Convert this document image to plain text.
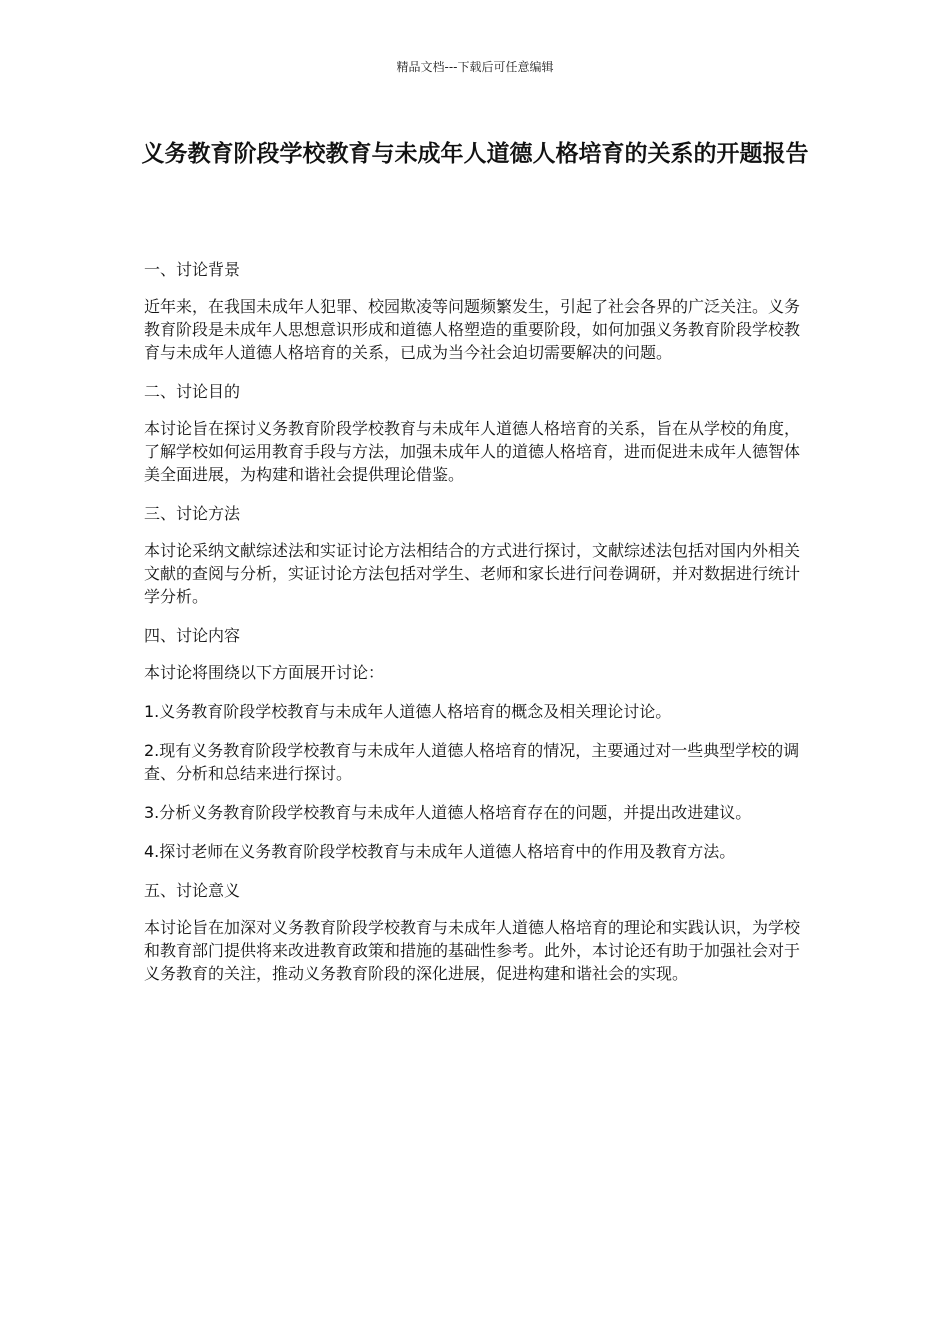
精品文档---下载后可任意编辑
义务教育阶段学校教育与未成年人道德人格培育的关系的开题报告

一、讨论背景

近年来，在我国未成年人犯罪、校园欺凌等问题频繁发生，引起了社会各界的广泛关注。义务教育阶段是未成年人思想意识形成和道德人格塑造的重要阶段，如何加强义务教育阶段学校教育与未成年人道德人格培育的关系，已成为当今社会迫切需要解决的问题。

二、讨论目的

本讨论旨在探讨义务教育阶段学校教育与未成年人道德人格培育的关系，旨在从学校的角度，了解学校如何运用教育手段与方法，加强未成年人的道德人格培育，进而促进未成年人德智体美全面进展，为构建和谐社会提供理论借鉴。

三、讨论方法

本讨论采纳文献综述法和实证讨论方法相结合的方式进行探讨，文献综述法包括对国内外相关文献的查阅与分析，实证讨论方法包括对学生、老师和家长进行问卷调研，并对数据进行统计学分析。

四、讨论内容

本讨论将围绕以下方面展开讨论：

1.义务教育阶段学校教育与未成年人道德人格培育的概念及相关理论讨论。

2.现有义务教育阶段学校教育与未成年人道德人格培育的情况，主要通过对一些典型学校的调查、分析和总结来进行探讨。

3.分析义务教育阶段学校教育与未成年人道德人格培育存在的问题，并提出改进建议。

4.探讨老师在义务教育阶段学校教育与未成年人道德人格培育中的作用及教育方法。

五、讨论意义

本讨论旨在加深对义务教育阶段学校教育与未成年人道德人格培育的理论和实践认识，为学校和教育部门提供将来改进教育政策和措施的基础性参考。此外，本讨论还有助于加强社会对于义务教育的关注，推动义务教育阶段的深化进展，促进构建和谐社会的实现。
